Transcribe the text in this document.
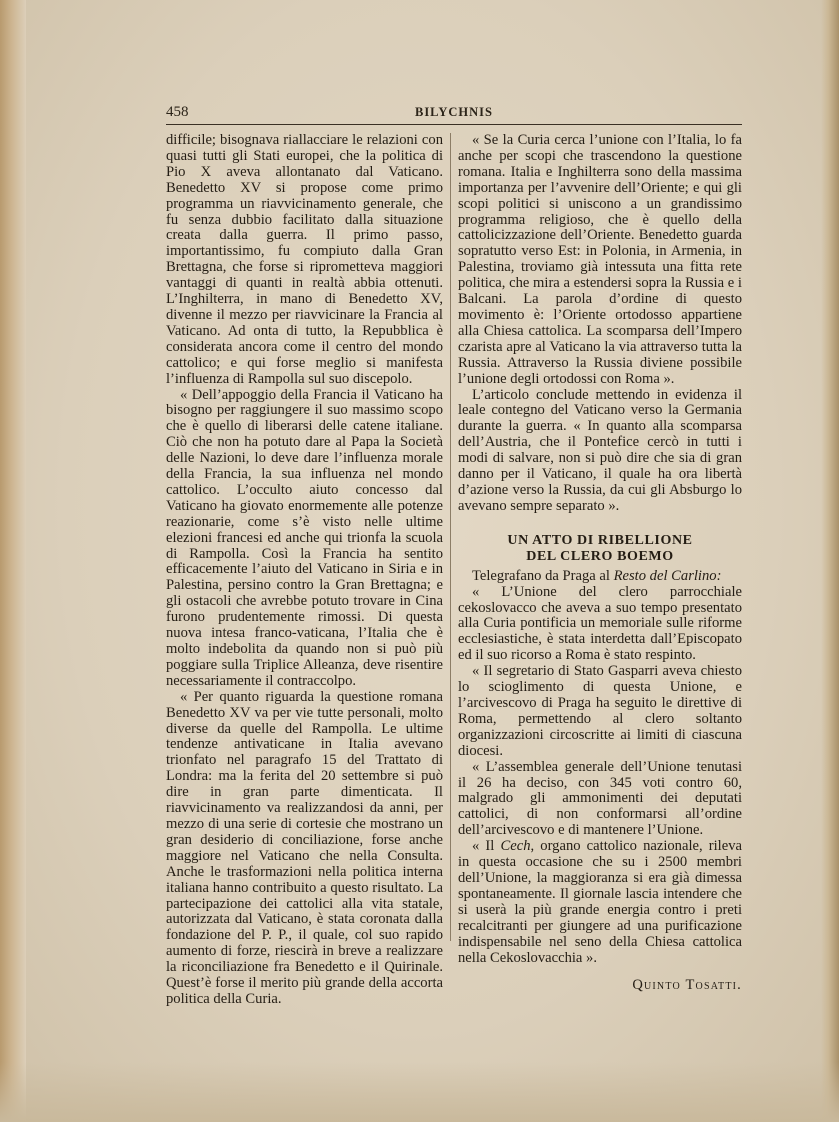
458	BILYCHNIS

difficile; bisognava riallacciare le relazioni con quasi tutti gli Stati europei, che la politica di Pio X aveva allontanato dal Vaticano. Benedetto XV si propose come primo programma un riavvicinamento generale, che fu senza dubbio facilitato dalla situazione creata dalla guerra. Il primo passo, importantissimo, fu compiuto dalla Gran Brettagna, che forse si riprometteva maggiori vantaggi di quanti in realtà abbia ottenuti. L’Inghilterra, in mano di Benedetto XV, divenne il mezzo per riavvicinare la Francia al Vaticano. Ad onta di tutto, la Repubblica è considerata ancora come il centro del mondo cattolico; e qui forse meglio si manifesta l’influenza di Rampolla sul suo discepolo.

« Dell’appoggio della Francia il Vaticano ha bisogno per raggiungere il suo massimo scopo che è quello di liberarsi delle catene italiane. Ciò che non ha potuto dare al Papa la Società delle Nazioni, lo deve dare l’influenza morale della Francia, la sua influenza nel mondo cattolico. L’occulto aiuto concesso dal Vaticano ha giovato enormemente alle potenze reazionarie, come s’è visto nelle ultime elezioni francesi ed anche qui trionfa la scuola di Rampolla. Così la Francia ha sentito efficacemente l’aiuto del Vaticano in Siria e in Palestina, persino contro la Gran Brettagna; e gli ostacoli che avrebbe potuto trovare in Cina furono prudentemente rimossi. Di questa nuova intesa franco-vaticana, l’Italia che è molto indebolita da quando non si può più poggiare sulla Triplice Alleanza, deve risentire necessariamente il contraccolpo.

« Per quanto riguarda la questione romana Benedetto XV va per vie tutte personali, molto diverse da quelle del Rampolla. Le ultime tendenze antivaticane in Italia avevano trionfato nel paragrafo 15 del Trattato di Londra: ma la ferita del 20 settembre si può dire in gran parte dimenticata. Il riavvicinamento va realizzandosi da anni, per mezzo di una serie di cortesie che mostrano un gran desiderio di conciliazione, forse anche maggiore nel Vaticano che nella Consulta. Anche le trasformazioni nella politica interna italiana hanno contribuito a questo risultato. La partecipazione dei cattolici alla vita statale, autorizzata dal Vaticano, è stata coronata dalla fondazione del P. P., il quale, col suo rapido aumento di forze, riescirà in breve a realizzare la riconciliazione fra Benedetto e il Quirinale. Quest’è forse il merito più grande della accorta politica della Curia.

« Se la Curia cerca l’unione con l’Italia, lo fa anche per scopi che trascendono la questione romana. Italia e Inghilterra sono della massima importanza per l’avvenire dell’Oriente; e qui gli scopi politici si uniscono a un grandissimo programma religioso, che è quello della cattolicizzazione dell’Oriente. Benedetto guarda sopratutto verso Est: in Polonia, in Armenia, in Palestina, troviamo già intessuta una fitta rete politica, che mira a estendersi sopra la Russia e i Balcani. La parola d’ordine di questo movimento è: l’Oriente ortodosso appartiene alla Chiesa cattolica. La scomparsa dell’Impero czarista apre al Vaticano la via attraverso tutta la Russia. Attraverso la Russia diviene possibile l’unione degli ortodossi con Roma ».

L’articolo conclude mettendo in evidenza il leale contegno del Vaticano verso la Germania durante la guerra. « In quanto alla scomparsa dell’Austria, che il Pontefice cercò in tutti i modi di salvare, non si può dire che sia di gran danno per il Vaticano, il quale ha ora libertà d’azione verso la Russia, da cui gli Absburgo lo avevano sempre separato ».

UN ATTO DI RIBELLIONE
DEL CLERO BOEMO

Telegrafano da Praga al Resto del Carlino:

« L’Unione del clero parrocchiale cekoslovacco che aveva a suo tempo presentato alla Curia pontificia un memoriale sulle riforme ecclesiastiche, è stata interdetta dall’Episcopato ed il suo ricorso a Roma è stato respinto.

« Il segretario di Stato Gasparri aveva chiesto lo scioglimento di questa Unione, e l’arcivescovo di Praga ha seguito le direttive di Roma, permettendo al clero soltanto organizzazioni circoscritte ai limiti di ciascuna diocesi.

« L’assemblea generale dell’Unione tenutasi il 26 ha deciso, con 345 voti contro 60, malgrado gli ammonimenti dei deputati cattolici, di non conformarsi all’ordine dell’arcivescovo e di mantenere l’Unione.

« Il Cech, organo cattolico nazionale, rileva in questa occasione che su i 2500 membri dell’Unione, la maggioranza si era già dimessa spontaneamente. Il giornale lascia intendere che si userà la più grande energia contro i preti recalcitranti per giungere ad una purificazione indispensabile nel seno della Chiesa cattolica nella Cekoslovacchia ».

Quinto Tosatti.
